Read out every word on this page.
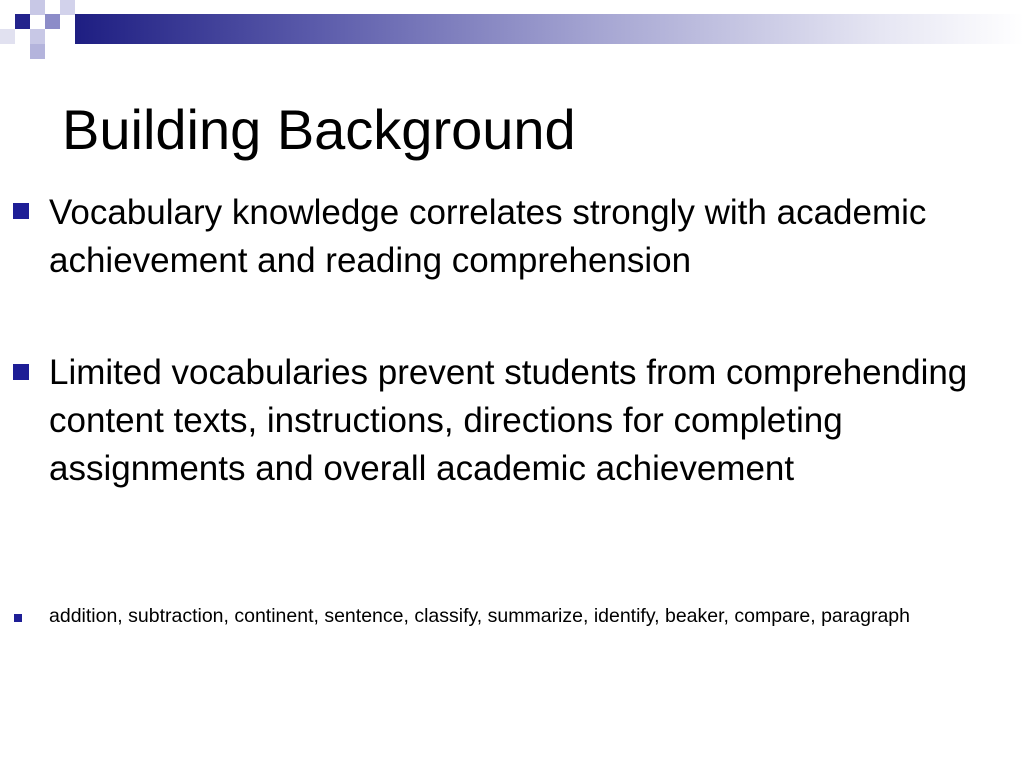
Building Background

Vocabulary knowledge correlates strongly with academic achievement and reading comprehension

Limited vocabularies prevent students from comprehending content texts, instructions, directions for completing assignments and overall academic achievement

addition, subtraction, continent, sentence, classify, summarize, identify, beaker, compare, paragraph
